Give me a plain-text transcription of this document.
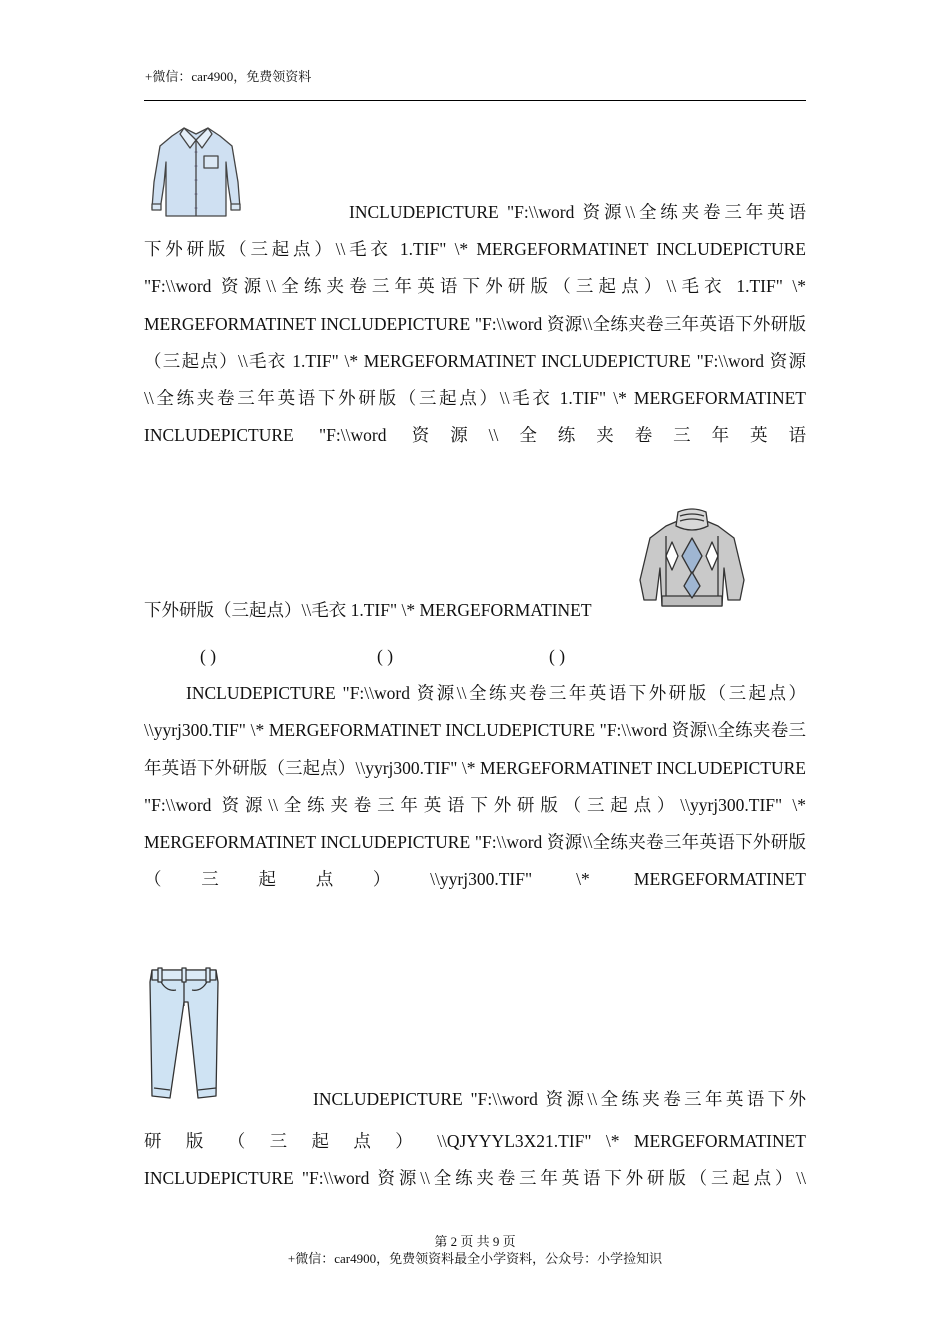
+微信：car4900，免费领资料

INCLUDEPICTURE "F:\\word 资源\\全练夹卷三年英语

下外研版（三起点）\\毛衣 1.TIF" \* MERGEFORMATINET INCLUDEPICTURE "F:\\word 资源\\全练夹卷三年英语下外研版（三起点）\\毛衣 1.TIF" \* MERGEFORMATINET INCLUDEPICTURE "F:\\word 资源\\全练夹卷三年英语下外研版（三起点）\\毛衣 1.TIF" \* MERGEFORMATINET INCLUDEPICTURE "F:\\word 资源\\全练夹卷三年英语下外研版（三起点）\\毛衣 1.TIF" \* MERGEFORMATINET INCLUDEPICTURE "F:\\word 资源\\全练夹卷三年英语

下外研版（三起点）\\毛衣 1.TIF" \* MERGEFORMATINET

( )	( )	( )

INCLUDEPICTURE "F:\\word 资源\\全练夹卷三年英语下外研版（三起点）\\yyrj300.TIF" \* MERGEFORMATINET INCLUDEPICTURE "F:\\word 资源\\全练夹卷三年英语下外研版（三起点）\\yyrj300.TIF" \* MERGEFORMATINET INCLUDEPICTURE "F:\\word 资源\\全练夹卷三年英语下外研版（三起点）\\yyrj300.TIF" \* MERGEFORMATINET INCLUDEPICTURE "F:\\word 资源\\全练夹卷三年英语下外研版（三起点）\\yyrj300.TIF" \* MERGEFORMATINET

INCLUDEPICTURE "F:\\word 资源\\全练夹卷三年英语下外

研 版 （ 三 起 点 ） \\QJYYYL3X21.TIF" \* MERGEFORMATINET

INCLUDEPICTURE "F:\\word 资源\\全练夹卷三年英语下外研版（三起点）\\

第 2 页 共 9 页
+微信：car4900，免费领资料最全小学资料，公众号：小学捡知识
